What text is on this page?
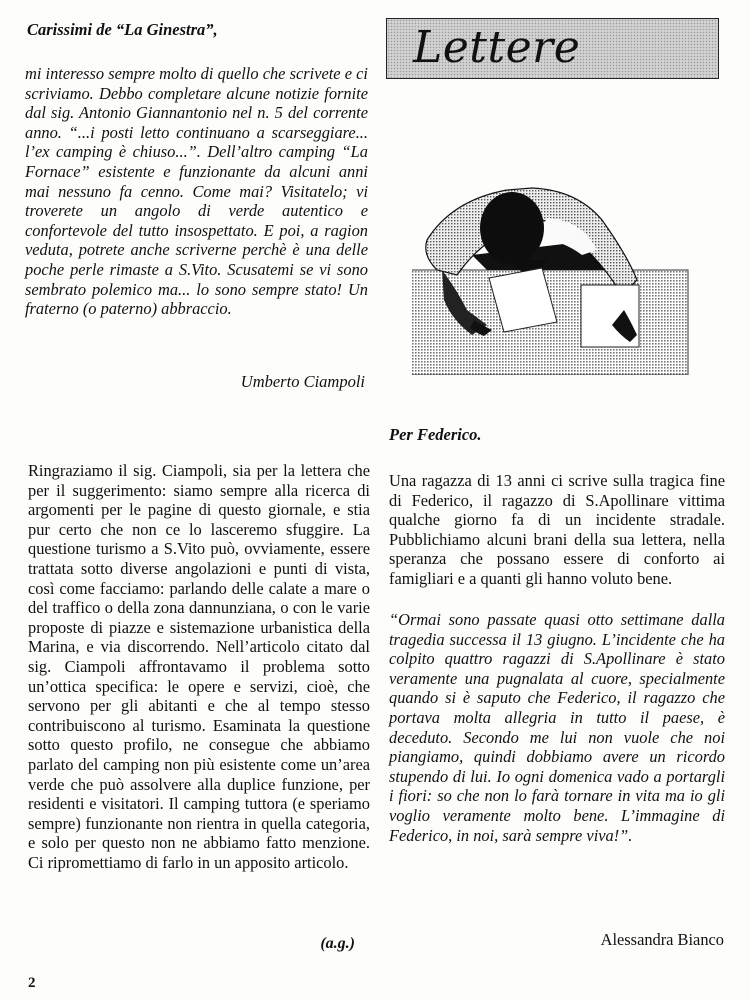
Carissimi de “La Ginestra”,

mi interesso sempre molto di quello che scrivete e ci scriviamo. Debbo completare alcune notizie fornite dal sig. Antonio Giannantonio nel n. 5 del corrente anno. “...i posti letto continuano a scarseggiare... l’ex camping è chiuso...”. Dell’altro camping “La Fornace” esistente e funzionante da alcuni anni mai nessuno fa cenno. Come mai? Visitatelo; vi troverete un angolo di verde autentico e confortevole del tutto insospettato. E poi, a ragion veduta, potrete anche scriverne perchè è una delle poche perle rimaste a S.Vito. Scusatemi se vi sono sembrato polemico ma... lo sono sempre stato! Un fraterno (o paterno) abbraccio.

Umberto Ciampoli

Ringraziamo il sig. Ciampoli, sia per la lettera che per il suggerimento: siamo sempre alla ricerca di argomenti per le pagine di questo giornale, e stia pur certo che non ce lo lasceremo sfuggire. La questione turismo a S.Vito può, ovviamente, essere trattata sotto diverse angolazioni e punti di vista, così come facciamo: parlando delle calate a mare o del traffico o della zona dannunziana, o con le varie proposte di piazze e sistemazione urbanistica della Marina, e via discorrendo. Nell’articolo citato dal sig. Ciampoli affrontavamo il problema sotto un’ottica specifica: le opere e servizi, cioè, che servono per gli abitanti e che al tempo stesso contribuiscono al turismo. Esaminata la questione sotto questo profilo, ne consegue che abbiamo parlato del camping non più esistente come un’area verde che può assolvere alla duplice funzione, per residenti e visitatori. Il camping tuttora (e speriamo sempre) funzionante non rientra in quella categoria, e solo per questo non ne abbiamo fatto menzione. Ci ripromettiamo di farlo in un apposito articolo.

(a.g.)
2
Lettere
Per Federico.

Una ragazza di 13 anni ci scrive sulla tragica fine di Federico, il ragazzo di S.Apollinare vittima qualche giorno fa di un incidente stradale. Pubblichiamo alcuni brani della sua lettera, nella speranza che possano essere di conforto ai famigliari e a quanti gli hanno voluto bene.

“Ormai sono passate quasi otto settimane dalla tragedia successa il 13 giugno. L’incidente che ha colpito quattro ragazzi di S.Apollinare è stato veramente una pugnalata al cuore, specialmente quando si è saputo che Federico, il ragazzo che portava molta allegria in tutto il paese, è deceduto. Secondo me lui non vuole che noi piangiamo, quindi dobbiamo avere un ricordo stupendo di lui. Io ogni domenica vado a portargli i fiori: so che non lo farà tornare in vita ma io gli voglio veramente molto bene. L’immagine di Federico, in noi, sarà sempre viva!”.

Alessandra Bianco
